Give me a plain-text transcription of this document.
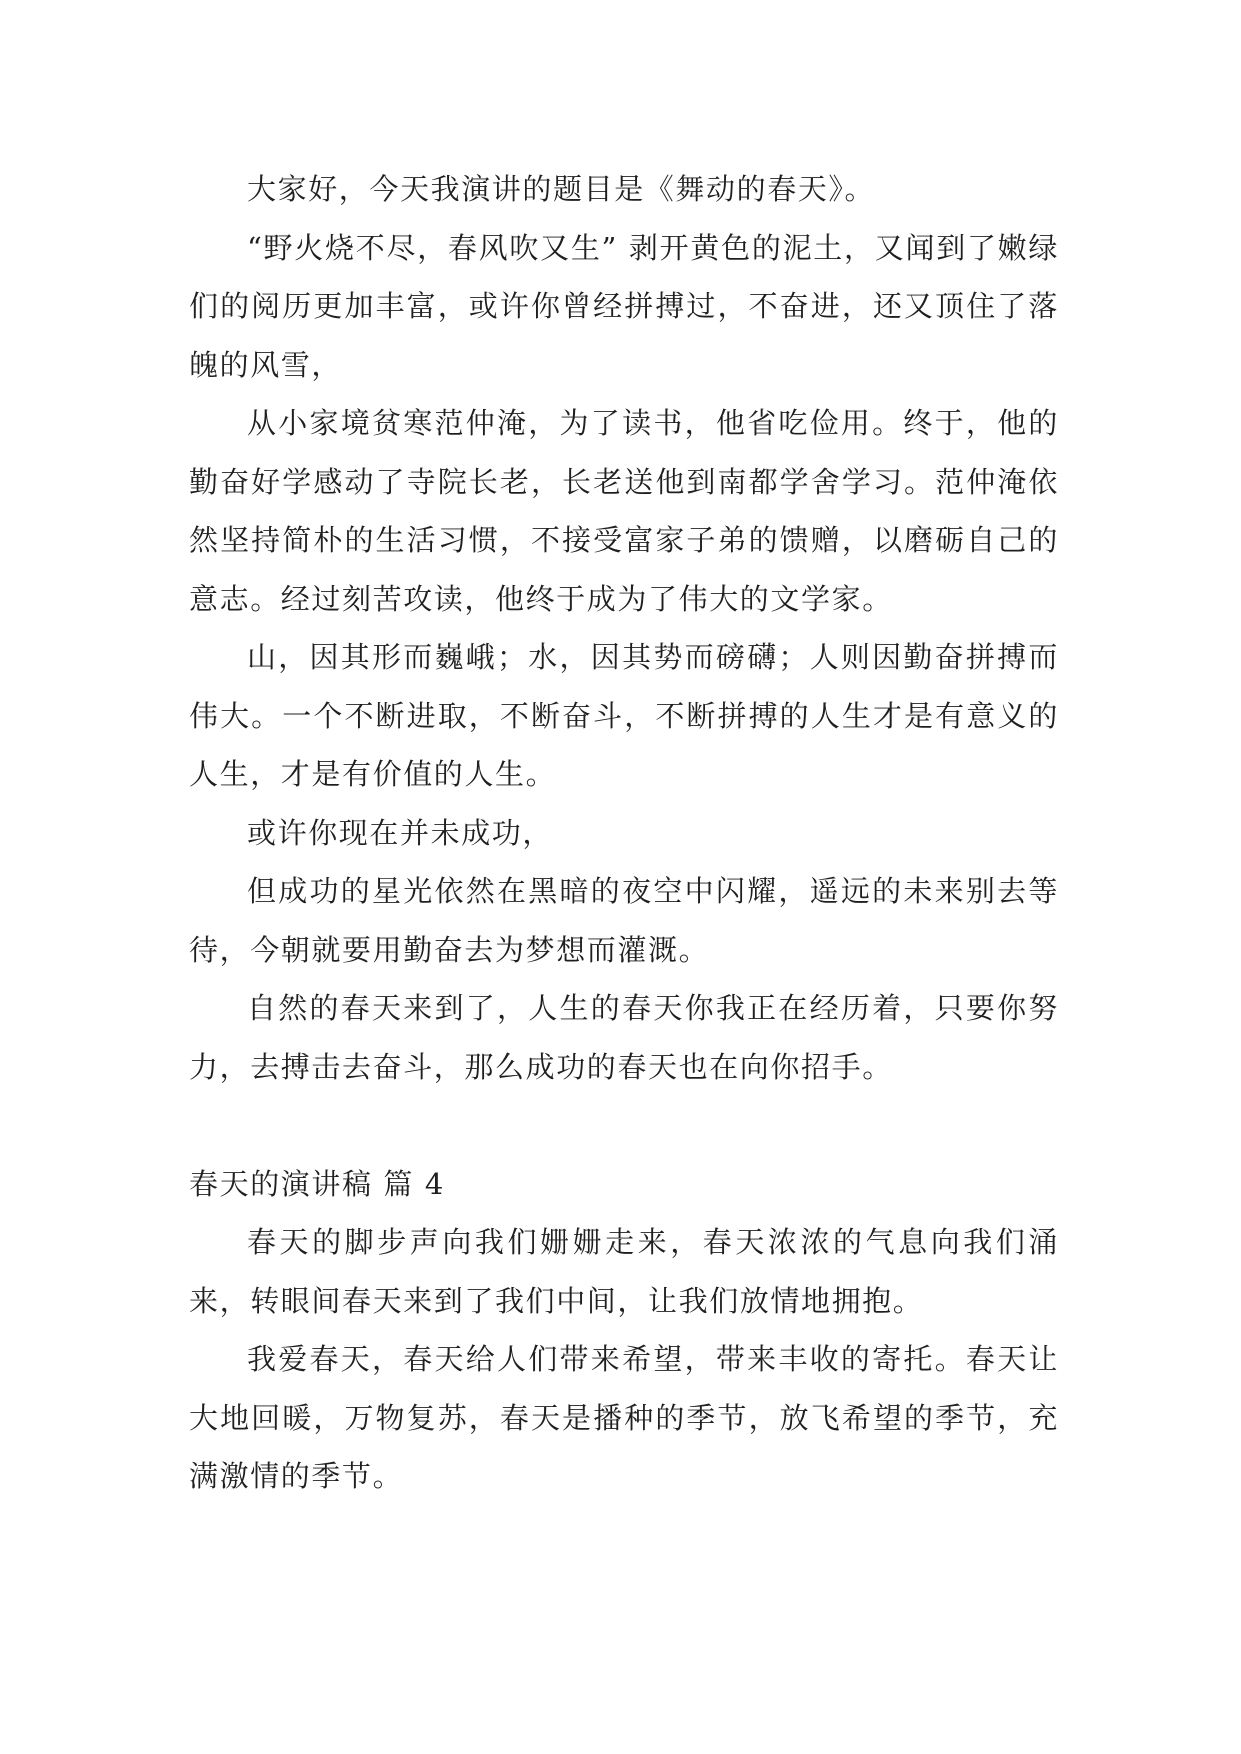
大家好，今天我演讲的题目是《舞动的春天》。

“野火烧不尽，春风吹又生” 剥开黄色的泥土，又闻到了嫩绿们的阅历更加丰富，或许你曾经拼搏过，不奋进，还又顶住了落魄的风雪，

从小家境贫寒范仲淹，为了读书，他省吃俭用。终于，他的勤奋好学感动了寺院长老，长老送他到南都学舍学习。范仲淹依然坚持简朴的生活习惯，不接受富家子弟的馈赠，以磨砺自己的意志。经过刻苦攻读，他终于成为了伟大的文学家。

山，因其形而巍峨；水，因其势而磅礴；人则因勤奋拼搏而伟大。一个不断进取，不断奋斗，不断拼搏的人生才是有意义的人生，才是有价值的人生。

或许你现在并未成功，

但成功的星光依然在黑暗的夜空中闪耀，遥远的未来别去等待，今朝就要用勤奋去为梦想而灌溉。

自然的春天来到了，人生的春天你我正在经历着，只要你努力，去搏击去奋斗，那么成功的春天也在向你招手。

春天的演讲稿 篇 4

春天的脚步声向我们姗姗走来，春天浓浓的气息向我们涌来，转眼间春天来到了我们中间，让我们放情地拥抱。

我爱春天，春天给人们带来希望，带来丰收的寄托。春天让大地回暖，万物复苏，春天是播种的季节，放飞希望的季节，充满激情的季节。
